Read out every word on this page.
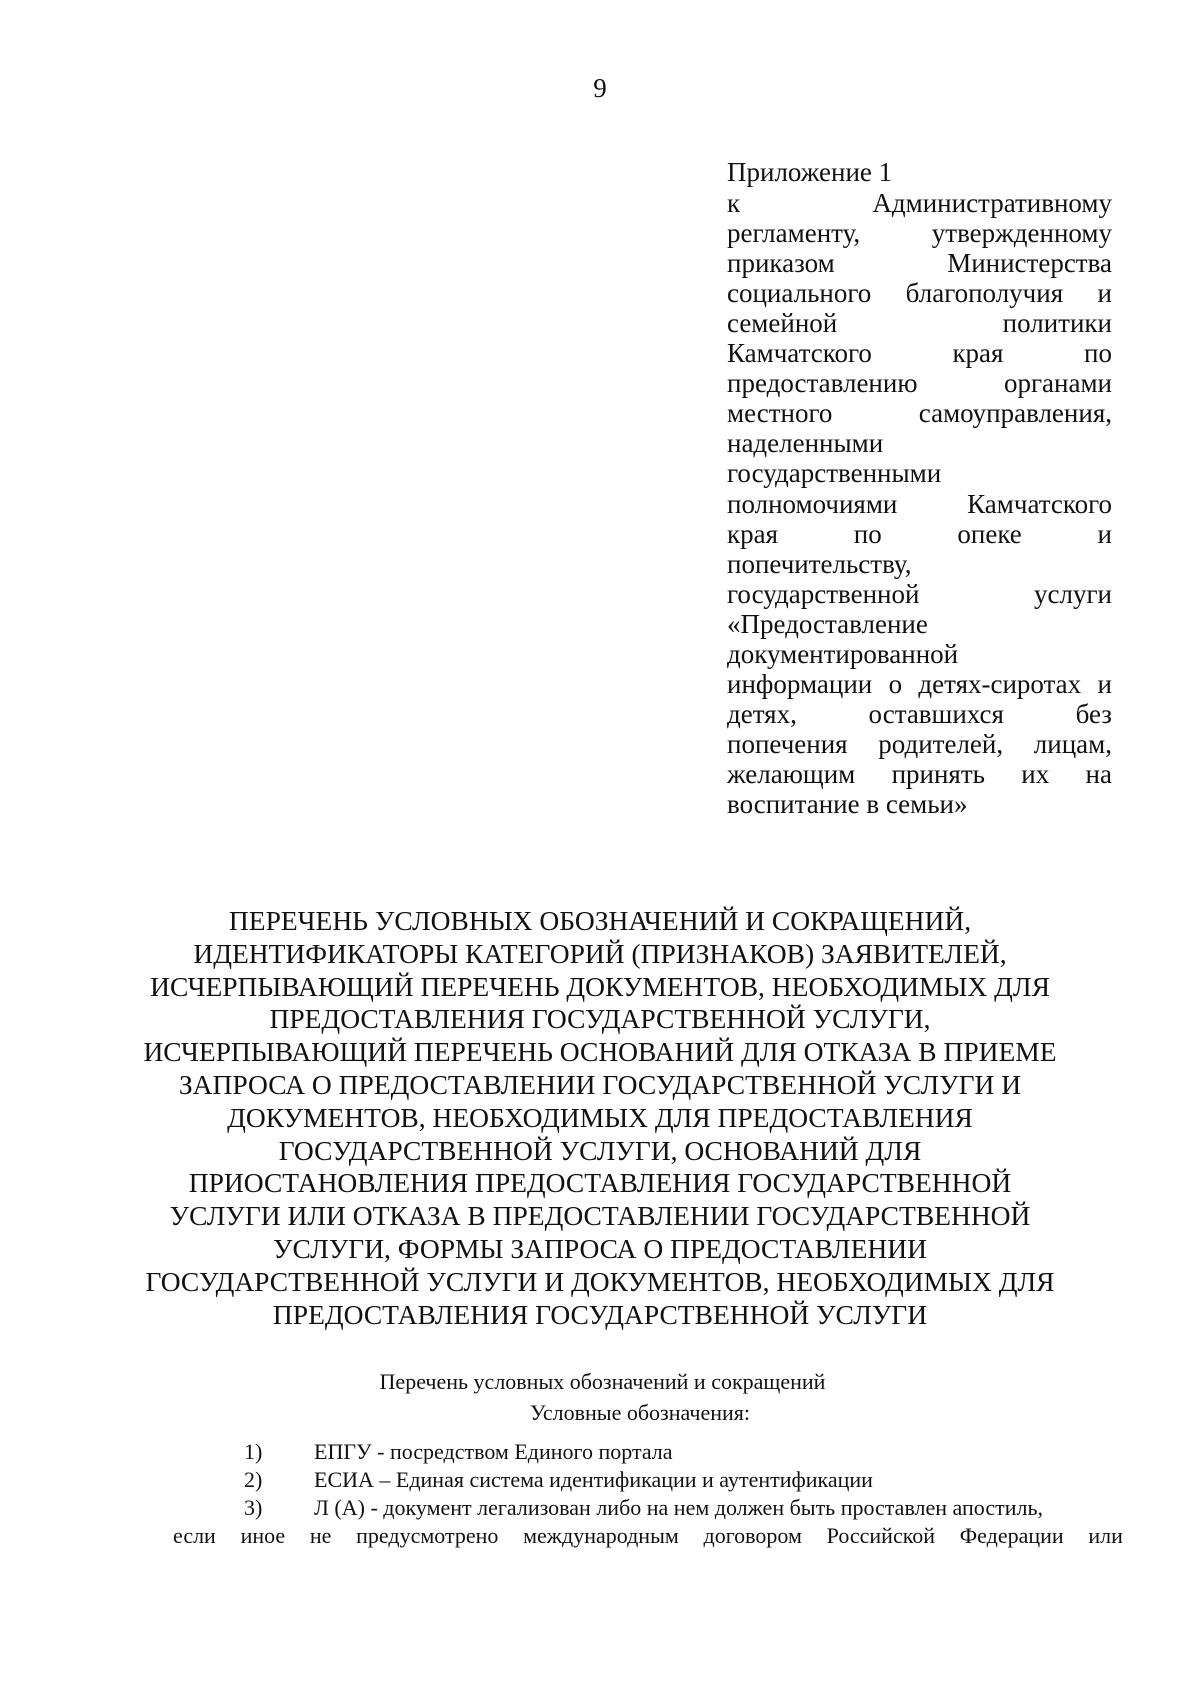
9
Приложение 1
к	Административному
регламенту,	утвержденному
приказом	Министерства
социального благополучия и
семейной	политики
Камчатского	края	по
предоставлению	органами
местного	самоуправления,
наделенными
государственными
полномочиями	Камчатского
края	по	опеке	и
попечительству,
государственной	услуги
«Предоставление
документированной
информации о детях-сиротах и
детях,	оставшихся	без
попечения родителей, лицам,
желающим принять их на
воспитание в семьи»
ПЕРЕЧЕНЬ УСЛОВНЫХ ОБОЗНАЧЕНИЙ И СОКРАЩЕНИЙ,
ИДЕНТИФИКАТОРЫ КАТЕГОРИЙ (ПРИЗНАКОВ) ЗАЯВИТЕЛЕЙ,
ИСЧЕРПЫВАЮЩИЙ ПЕРЕЧЕНЬ ДОКУМЕНТОВ, НЕОБХОДИМЫХ ДЛЯ
ПРЕДОСТАВЛЕНИЯ ГОСУДАРСТВЕННОЙ УСЛУГИ,
ИСЧЕРПЫВАЮЩИЙ ПЕРЕЧЕНЬ ОСНОВАНИЙ ДЛЯ ОТКАЗА В ПРИЕМЕ
ЗАПРОСА О ПРЕДОСТАВЛЕНИИ ГОСУДАРСТВЕННОЙ УСЛУГИ И
ДОКУМЕНТОВ, НЕОБХОДИМЫХ ДЛЯ ПРЕДОСТАВЛЕНИЯ
ГОСУДАРСТВЕННОЙ УСЛУГИ, ОСНОВАНИЙ ДЛЯ
ПРИОСТАНОВЛЕНИЯ ПРЕДОСТАВЛЕНИЯ ГОСУДАРСТВЕННОЙ
УСЛУГИ ИЛИ ОТКАЗА В ПРЕДОСТАВЛЕНИИ ГОСУДАРСТВЕННОЙ
УСЛУГИ, ФОРМЫ ЗАПРОСА О ПРЕДОСТАВЛЕНИИ
ГОСУДАРСТВЕННОЙ УСЛУГИ И ДОКУМЕНТОВ, НЕОБХОДИМЫХ ДЛЯ
ПРЕДОСТАВЛЕНИЯ ГОСУДАРСТВЕННОЙ УСЛУГИ
Перечень условных обозначений и сокращений
Условные обозначения:
1) ЕПГУ - посредством Единого портала
2) ЕСИА – Единая система идентификации и аутентификации
3) Л (А) - документ легализован либо на нем должен быть проставлен апостиль,
если иное не предусмотрено международным договором Российской Федерации или
